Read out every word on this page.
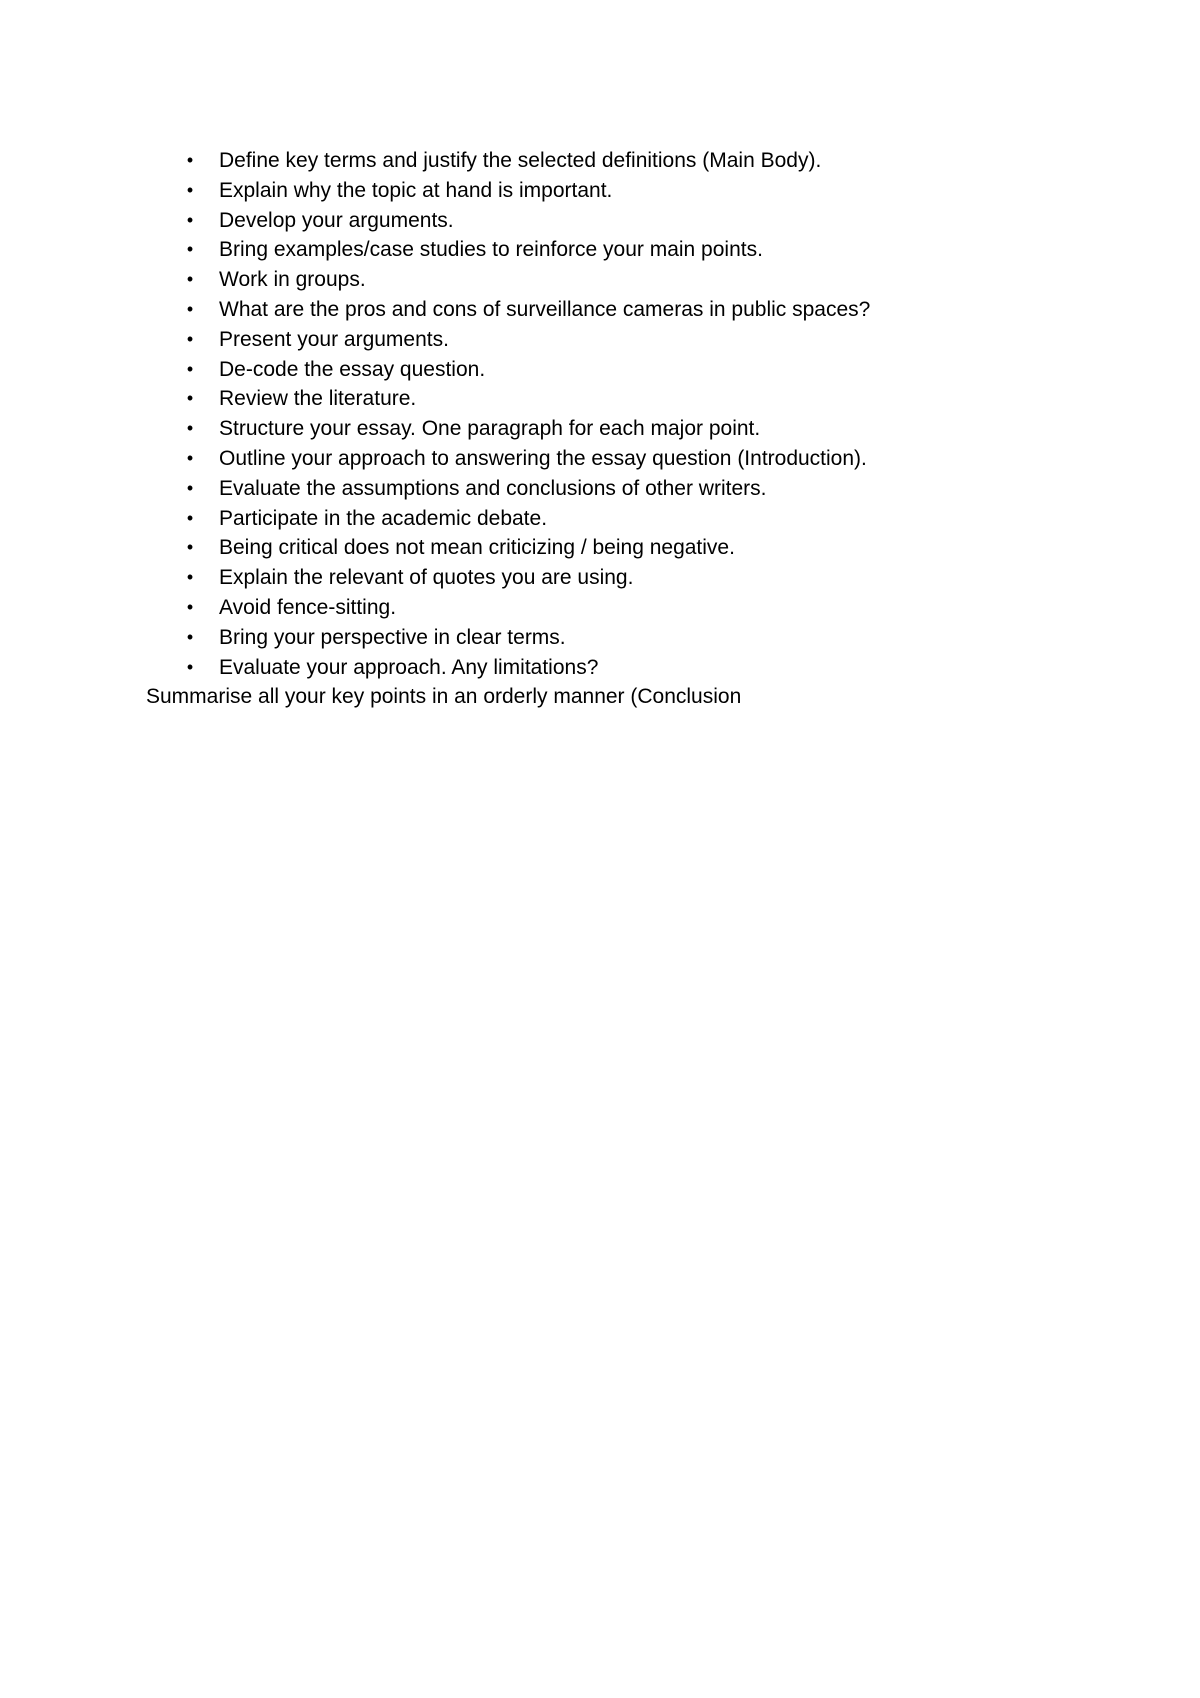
• Define key terms and justify the selected definitions (Main Body).
• Explain why the topic at hand is important.
• Develop your arguments.
• Bring examples/case studies to reinforce your main points.
• Work in groups.
• What are the pros and cons of surveillance cameras in public spaces?
• Present your arguments.
• De-code the essay question.
• Review the literature.
• Structure your essay. One paragraph for each major point.
• Outline your approach to answering the essay question (Introduction).
• Evaluate the assumptions and conclusions of other writers.
• Participate in the academic debate.
• Being critical does not mean criticizing / being negative.
• Explain the relevant of quotes you are using.
• Avoid fence-sitting.
• Bring your perspective in clear terms.
• Evaluate your approach. Any limitations?
Summarise all your key points in an orderly manner (Conclusion
